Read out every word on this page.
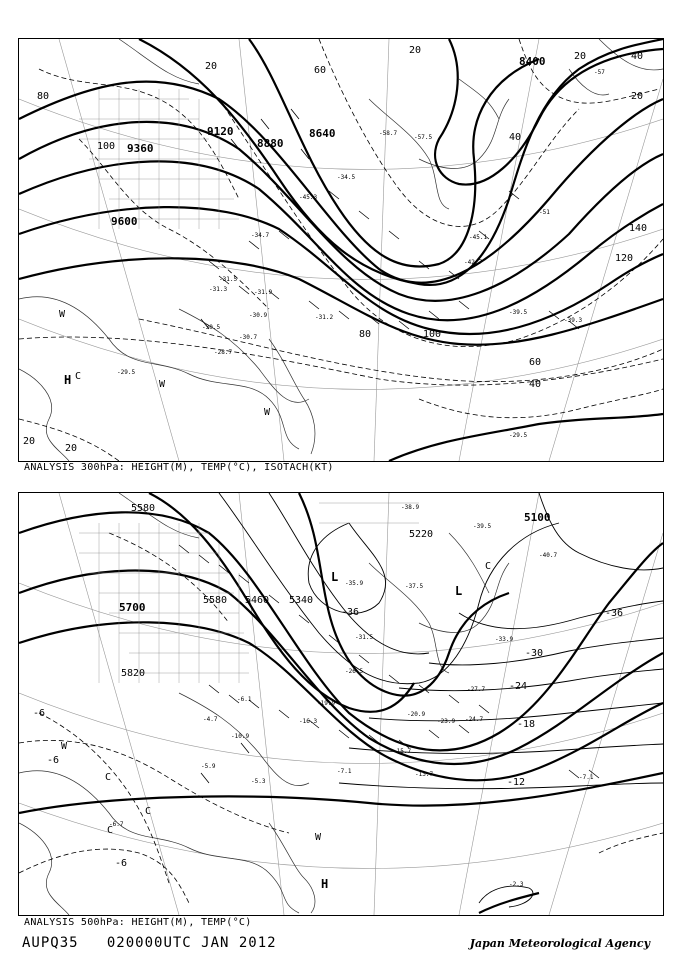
9360
9120
8880
8640
8400
9600
80
100
20
20
20	40
60
80	100
120
140
40
20
60
40
20
20
-45.3
-31.5
-31.9
-30.9
-30.5
-28.7
-29.5
-34.5
-34.7
-57.5
-45.1
-42.7
-39.5
-39.3
-29.5
-31.3
-31.2
-30.7
-58.7
-51
-57
H C
W
W
W
ANALYSIS 300hPa: HEIGHT(M), TEMP(°C), ISOTACH(KT)
5580
5700
5820
5580 5460 5340
5220
5100
-36	-36
-30
-24
-18
-12
-6
-6
-6
-38.9
-39.5
-40.7
-37.5
-35.9
-31.5
-26.5
-20.9
-15.7
-13.7
-7.1
-5.3
-5.9
-2.3
-6.7
-33.9
-27.7
-24.7
-23.9
-19.9
-16.3
-10.9
-6.1
-4.7
-7.1
L
L
C
W
C
C
W
H
C
ANALYSIS 500hPa: HEIGHT(M), TEMP(°C)
AUPQ35 020000UTC JAN 2012	Japan Meteorological Agency
